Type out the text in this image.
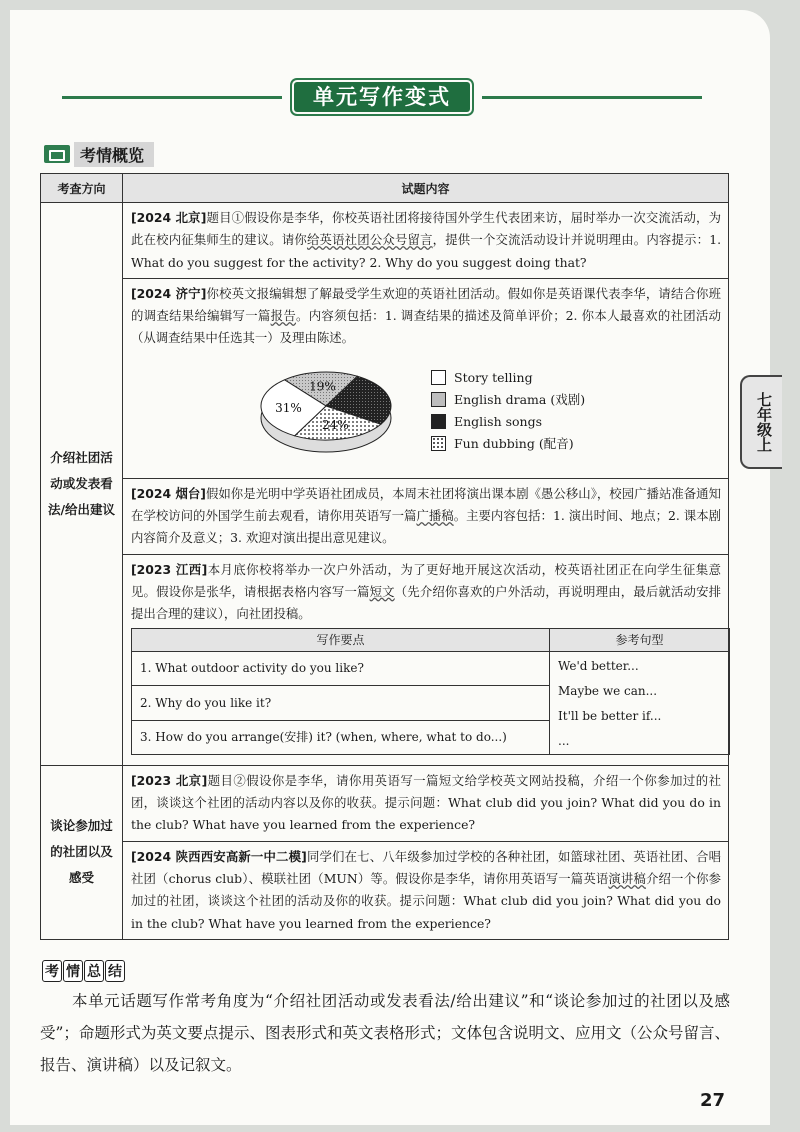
单元写作变式
考情概览
考查方向	试题内容
介绍社团活动或发表看法/给出建议	
[2024 北京]题目①假设你是李华，你校英语社团将接待国外学生代表团来访，届时举办一次交流活动，为此在校内征集师生的建议。请你给英语社团公众号留言，提供一个交流活动设计并说明理由。内容提示：1. What do you suggest for the activity? 2. Why do you suggest doing that?
[2024 济宁]你校英文报编辑想了解最受学生欢迎的英语社团活动。假如你是英语课代表李华，请结合你班的调查结果给编辑写一篇报告。内容须包括：1. 调查结果的描述及简单评价；2. 你本人最喜欢的社团活动（从调查结果中任选其一）及理由陈述。
19%
24%
31%
Story telling
English drama (戏剧)
English songs
Fun dubbing (配音)
[2024 烟台]假如你是光明中学英语社团成员，本周末社团将演出课本剧《愚公移山》，校园广播站准备通知在学校访问的外国学生前去观看，请你用英语写一篇广播稿。主要内容包括：1. 演出时间、地点；2. 课本剧内容简介及意义；3. 欢迎对演出提出意见建议。
[2023 江西]本月底你校将举办一次户外活动，为了更好地开展这次活动，校英语社团正在向学生征集意见。假设你是张华，请根据表格内容写一篇短文（先介绍你喜欢的户外活动，再说明理由，最后就活动安排提出合理的建议），向社团投稿。
写作要点	参考句型
1. What outdoor activity do you like?	We'd better...
Maybe we can...
It'll be better if...
...

2. Why do you like it?
3. How do you arrange(安排) it? (when, where, what to do...)

谈论参加过的社团以及感受	
[2023 北京]题目②假设你是李华，请你用英语写一篇短文给学校英文网站投稿，介绍一个你参加过的社团，谈谈这个社团的活动内容以及你的收获。提示问题：What club did you join? What did you do in the club? What have you learned from the experience?
[2024 陕西西安高新一中二模]同学们在七、八年级参加过学校的各种社团，如篮球社团、英语社团、合唱社团（chorus club）、模联社团（MUN）等。假设你是李华，请你用英语写一篇英语演讲稿介绍一个你参加过的社团，谈谈这个社团的活动及你的收获。提示问题：What club did you join? What did you do in the club? What have you learned from the experience?
考 情 总 结
本单元话题写作常考角度为“介绍社团活动或发表看法/给出建议”和“谈论参加过的社团以及感受”；命题形式为英文要点提示、图表形式和英文表格形式；文体包含说明文、应用文（公众号留言、报告、演讲稿）以及记叙文。
七年级上
27
